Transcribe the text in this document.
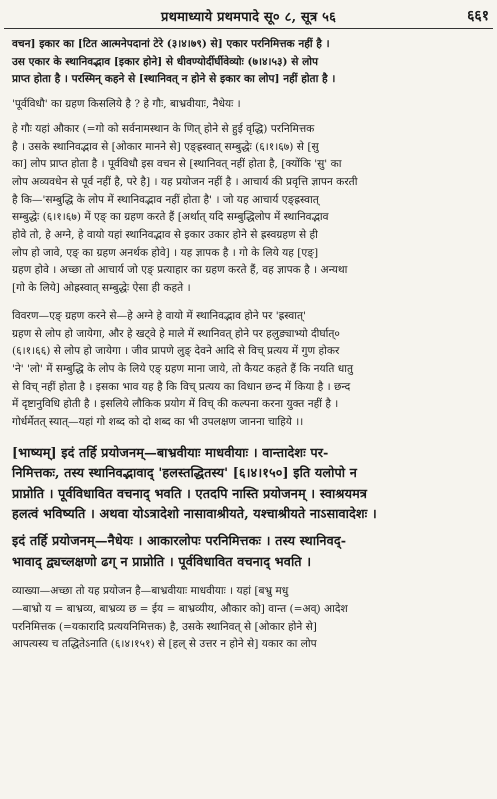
प्रथमाध्याये प्रथमपादे सू० ८, सूत्र ५६	६६१

वचन] इकार का [टित आत्मनेपदानां टेरे (३।४।७९) से] एकार परनिमित्तक नहीं है ।
उस एकार के स्थानिवद्भाव [इकार होने] से धीवण्योर्दीर्घीवेव्योः (७।४।५३) से लोप
प्राप्त होता है । परस्मिन् कहने से [स्थानिवत् न होने से इकार का लोप] नहीं होता है ।

'पूर्वविधौ' का ग्रहण किसलिये है ? हे गौः, बाभ्रवीयाः, नैधेयः ।

हे गौः यहां औकार (=गो को सर्वनामस्थान के णित् होने से हुई वृद्धि) परनिमित्तक
है । उसके स्थानिवद्भाव से [ओकार मानने से] एङ्ह्रस्वात् सम्बुद्धेः (६।१।६७) से [सु
का] लोप प्राप्त होता है । पूर्वविधौ इस वचन से [स्थानिवत् नहीं होता है, [क्योंकि 'सु' का
लोप अव्यवधेन से पूर्व नहीं है, परे है] । यह प्रयोजन नहीं है । आचार्य की प्रवृत्ति ज्ञापन करती
है कि—'सम्बुद्धि के लोप में स्थानिवद्भाव नहीं होता है' । जो यह आचार्य एङ्ह्रस्वात्
सम्बुद्धेः (६।१।६७) में एङ् का ग्रहण करते हैं [अर्थात् यदि सम्बुद्धिलोप में स्थानिवद्भाव
होवे तो, हे अग्ने, हे वायो यहां स्थानिवद्भाव से इकार उकार होने से ह्रस्वग्रहण से ही
लोप हो जावे, एङ् का ग्रहण अनर्थक होवे] । यह ज्ञापक है । गो के लिये यह [एङ्]
ग्रहण होवे । अच्छा तो आचार्य जो एङ् प्रत्याहार का ग्रहण करते हैं, वह ज्ञापक है । अन्यथा
[गो के लिये] ओह्रस्वात् सम्बुद्धेः ऐसा ही कहते ।

विवरण—एङ् ग्रहण करने से—हे अग्ने हे वायो में स्थानिवद्भाव होने पर 'ह्रस्वात्'
ग्रहण से लोप हो जायेगा, और हे खट्वे हे माले में स्थानिवत् होने पर हलुङ्याभ्यो दीर्घात्०
(६।१।६६) से लोप हो जायेगा । जीव प्रापणे लुङ् देवने आदि से विच् प्रत्यय में गुण होकर
'ने' 'लो' में सम्बुद्धि के लोप के लिये एङ् ग्रहण माना जाये, तो कैयट कहते हैं कि नयति धातु
से विच् नहीं होता है । इसका भाव यह है कि विच् प्रत्यय का विधान छन्द में किया है । छन्द
में दृष्टानुविधि होती है । इसलिये लौकिक प्रयोग में विच् की कल्पना करना युक्त नहीं है ।
गोर्धर्मेतत् स्यात्—यहां गो शब्द को दो शब्द का भी उपलक्षण जानना चाहिये ।।

[भाष्यम्] इदं तर्हि प्रयोजनम्—बाभ्रवीयाः माधवीयाः । वान्तादेशः पर-
निमित्तकः, तस्य स्थानिवद्भावाद् 'हलस्तद्धितस्य' [६।४।१५०] इति यलोपो न
प्राप्नोति । पूर्वविधावित वचनाद् भवति । एतदपि नास्ति प्रयोजनम् । स्वाश्रयमत्र
हलत्वं भविष्यति । अथवा योऽत्रादेशो नासावाश्रीयते, यश्चाश्रीयते नाऽसावादेशः ।

इदं तर्हि प्रयोजनम्—नैधेयः । आकारलोपः परनिमित्तकः । तस्य स्थानिवद्-
भावाद् द्व्यच्लक्षणो ढग् न प्राप्नोति । पूर्वविधावित वचनाद् भवति ।

व्याख्या—अच्छा तो यह प्रयोजन है—बाभ्रवीयाः माधवीयाः । यहां [बभ्रु मधु
—बाभ्रो य = बाभ्रव्य, बाभ्रव्य छ = ईय = बाभ्रव्यीय, औकार को] वान्त (=अव्) आदेश
परनिमित्तक (=यकारादि प्रत्ययनिमित्तक) है, उसके स्थानिवत् से [ओकार होने से]
आपत्यस्य च तद्धितेऽनाति (६।४।१५१) से [हल् से उत्तर न होने से] यकार का लोप
